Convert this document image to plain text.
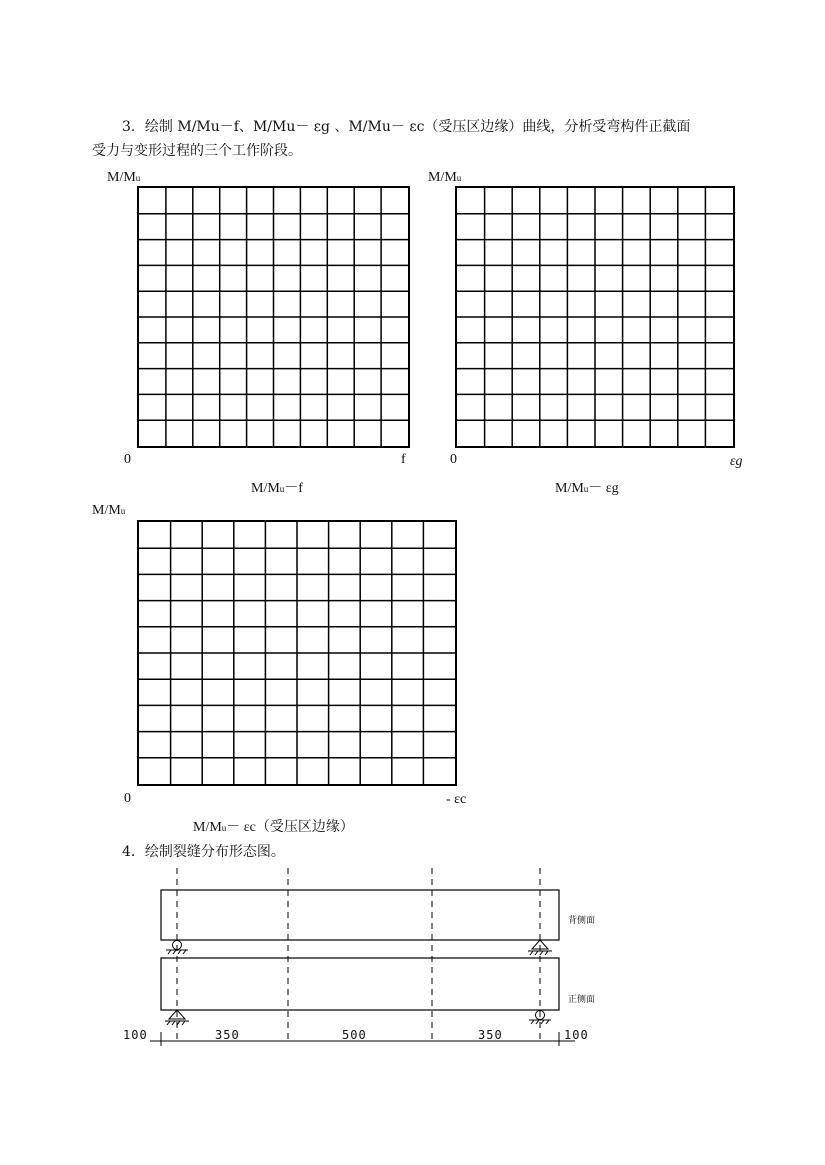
3．绘制 M/Mu－f、M/Mu－ εg 、M/Mu－ εc（受压区边缘）曲线，分析受弯构件正截面
受力与变形过程的三个工作阶段。
M/Mu
0	f
M/Mu－f
M/Mu
0	εg
M/Mu－ εg
M/Mu
0	- εc
M/Mu－ εc（受压区边缘）
4．绘制裂缝分布形态图。
背侧面
正侧面
100	350	500	350	100
